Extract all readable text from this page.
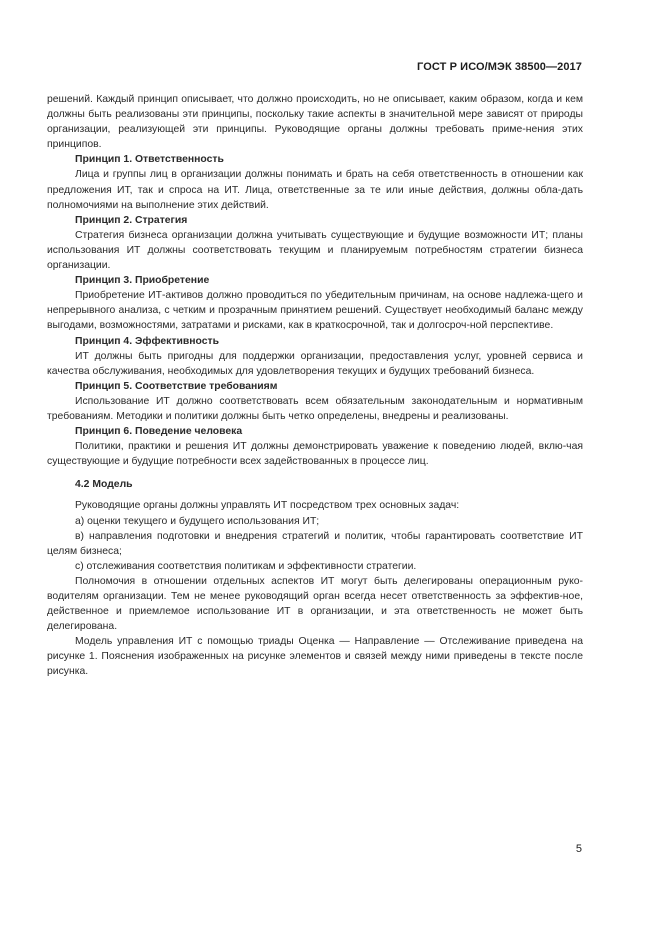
ГОСТ Р ИСО/МЭК 38500—2017

решений. Каждый принцип описывает, что должно происходить, но не описывает, каким образом, когда и кем должны быть реализованы эти принципы, поскольку такие аспекты в значительной мере зависят от природы организации, реализующей эти принципы. Руководящие органы должны требовать приме-нения этих принципов.

Принцип 1. Ответственность

Лица и группы лиц в организации должны понимать и брать на себя ответственность в отношении как предложения ИТ, так и спроса на ИТ. Лица, ответственные за те или иные действия, должны обла-дать полномочиями на выполнение этих действий.

Принцип 2. Стратегия

Стратегия бизнеса организации должна учитывать существующие и будущие возможности ИТ; планы использования ИТ должны соответствовать текущим и планируемым потребностям стратегии бизнеса организации.

Принцип 3. Приобретение

Приобретение ИТ-активов должно проводиться по убедительным причинам, на основе надлежа-щего и непрерывного анализа, с четким и прозрачным принятием решений. Существует необходимый баланс между выгодами, возможностями, затратами и рисками, как в краткосрочной, так и долгосроч-ной перспективе.

Принцип 4. Эффективность

ИТ должны быть пригодны для поддержки организации, предоставления услуг, уровней сервиса и качества обслуживания, необходимых для удовлетворения текущих и будущих требований бизнеса.

Принцип 5. Соответствие требованиям

Использование ИТ должно соответствовать всем обязательным законодательным и нормативным требованиям. Методики и политики должны быть четко определены, внедрены и реализованы.

Принцип 6. Поведение человека

Политики, практики и решения ИТ должны демонстрировать уважение к поведению людей, вклю-чая существующие и будущие потребности всех задействованных в процессе лиц.

4.2 Модель

Руководящие органы должны управлять ИТ посредством трех основных задач:

а) оценки текущего и будущего использования ИТ;

в) направления подготовки и внедрения стратегий и политик, чтобы гарантировать соответствие ИТ целям бизнеса;

с) отслеживания соответствия политикам и эффективности стратегии.

Полномочия в отношении отдельных аспектов ИТ могут быть делегированы операционным руко-водителям организации. Тем не менее руководящий орган всегда несет ответственность за эффектив-ное, действенное и приемлемое использование ИТ в организации, и эта ответственность не может быть делегирована.

Модель управления ИТ с помощью триады Оценка — Направление — Отслеживание приведена на рисунке 1. Пояснения изображенных на рисунке элементов и связей между ними приведены в тексте после рисунка.

5
